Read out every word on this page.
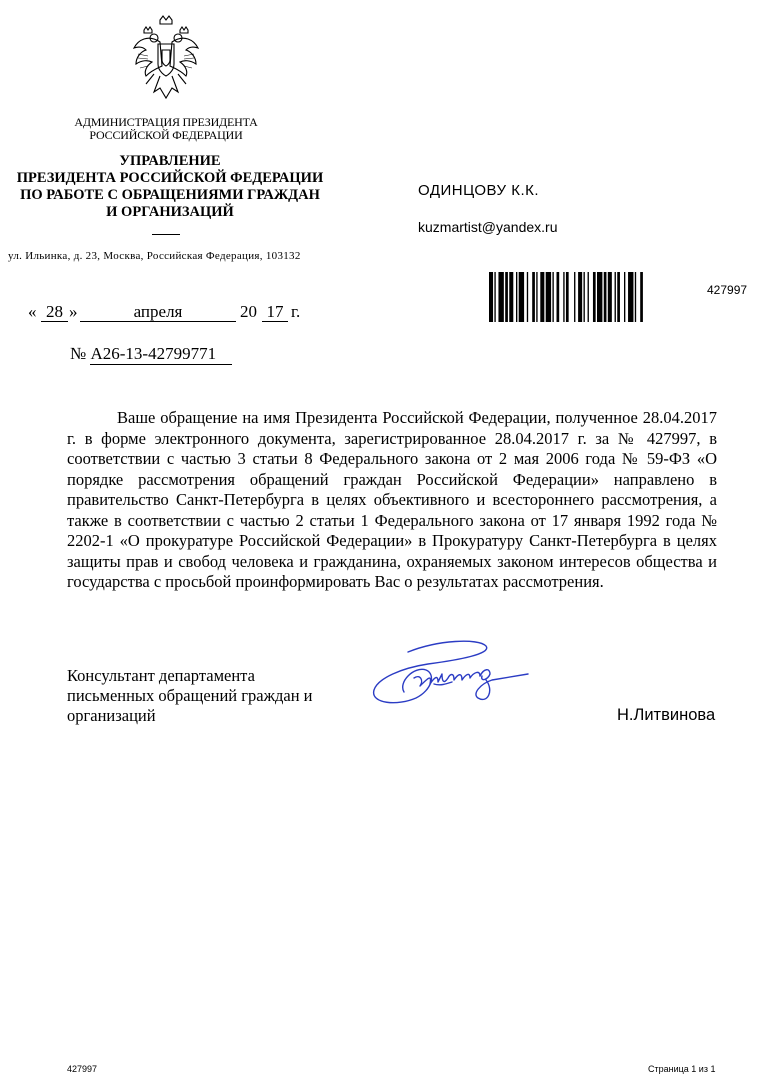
АДМИНИСТРАЦИЯ ПРЕЗИДЕНТА
РОССИЙСКОЙ ФЕДЕРАЦИИ
УПРАВЛЕНИЕ
ПРЕЗИДЕНТА РОССИЙСКОЙ ФЕДЕРАЦИИ
ПО РАБОТЕ С ОБРАЩЕНИЯМИ ГРАЖДАН
И ОРГАНИЗАЦИЙ
ул. Ильинка, д. 23, Москва, Российская Федерация, 103132
ОДИНЦОВУ К.К.
kuzmartist@yandex.ru
427997
« 28 »	апреля	20 17 г.
№ А26-13-42799771

Ваше обращение на имя Президента Российской Федерации, полученное 28.04.2017 г. в форме электронного документа, зарегистрированное 28.04.2017 г. за № 427997, в соответствии с частью 3 статьи 8 Федерального закона от 2 мая 2006 года № 59-ФЗ «О порядке рассмотрения обращений граждан Российской Федерации» направлено в правительство Санкт-Петербурга в целях объективного и всестороннего рассмотрения, а также в соответствии с частью 2 статьи 1 Федерального закона от 17 января 1992 года № 2202-1 «О прокуратуре Российской Федерации» в Прокуратуру Санкт-Петербурга в целях защиты прав и свобод человека и гражданина, охраняемых законом интересов общества и государства с просьбой проинформировать Вас о результатах рассмотрения.

Консультант департамента
письменных обращений граждан и
организаций	Н.Литвинова
427997	Страница 1 из 1
